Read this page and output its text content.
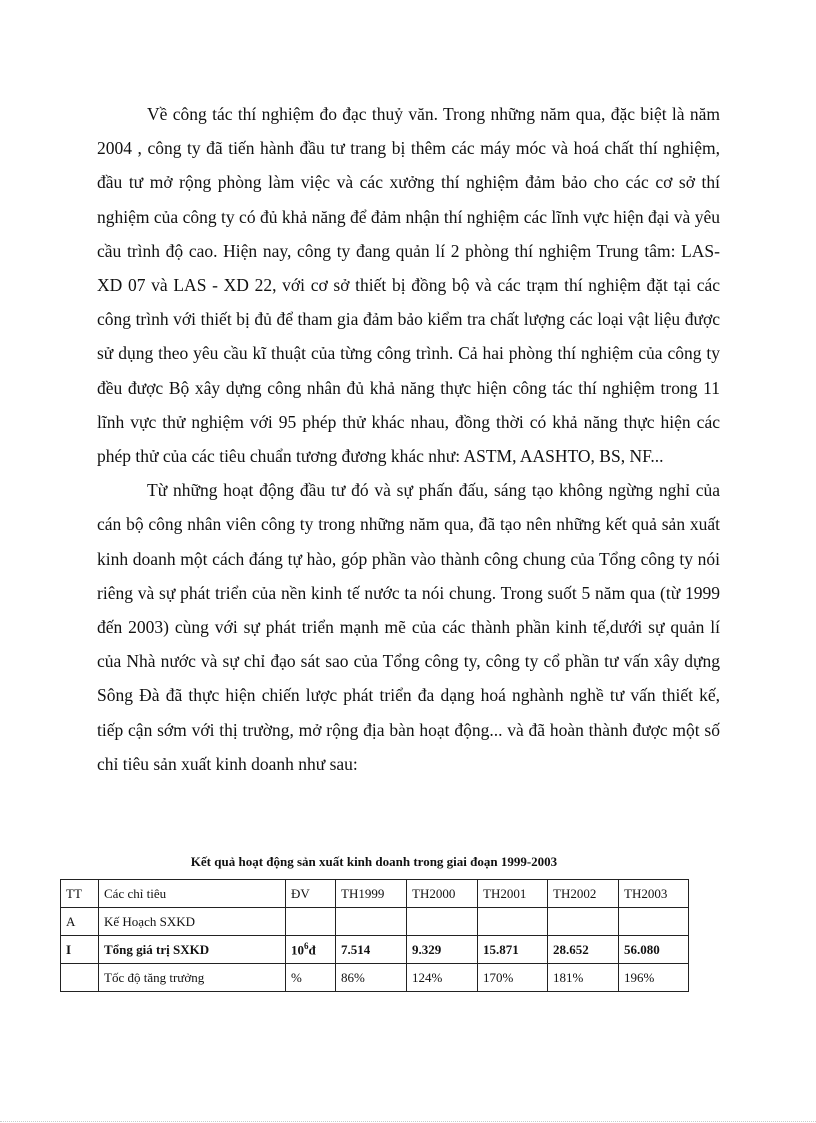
Về công tác thí nghiệm đo đạc thuỷ văn. Trong những năm qua, đặc biệt là năm 2004 , công ty đã tiến hành đầu tư trang bị thêm các máy móc và hoá chất thí nghiệm, đầu tư mở rộng phòng làm việc và các xưởng thí nghiệm đảm bảo cho các cơ sở thí nghiệm của công ty có đủ khả năng để đảm nhận thí nghiệm các lĩnh vực hiện đại và yêu cầu trình độ cao. Hiện nay, công ty đang quản lí 2 phòng thí nghiệm Trung tâm: LAS-XD 07 và LAS - XD 22, với cơ sở thiết bị đồng bộ và các trạm thí nghiệm đặt tại các công trình với thiết bị đủ để tham gia đảm bảo kiểm tra chất lượng các loại vật liệu được sử dụng theo yêu cầu kĩ thuật của từng công trình. Cả hai phòng thí nghiệm của công ty đều được Bộ xây dựng công nhân đủ khả năng thực hiện công tác thí nghiệm trong 11 lĩnh vực thử nghiệm với 95 phép thử khác nhau, đồng thời có khả năng thực hiện các phép thử của các tiêu chuẩn tương đương khác như: ASTM, AASHTO, BS, NF...

Từ những hoạt động đầu tư đó và sự phấn đấu, sáng tạo không ngừng nghỉ của cán bộ công nhân viên công ty trong những năm qua, đã tạo nên những kết quả sản xuất kinh doanh một cách đáng tự hào, góp phần vào thành công chung của Tổng công ty nói riêng và sự phát triển của nền kinh tế nước ta nói chung. Trong suốt 5 năm qua (từ 1999 đến 2003) cùng với sự phát triển mạnh mẽ của các thành phần kinh tế,dưới sự quản lí của Nhà nước và sự chỉ đạo sát sao của Tổng công ty, công ty cổ phần tư vấn xây dựng Sông Đà đã thực hiện chiến lược phát triển đa dạng hoá nghành nghề tư vấn thiết kế, tiếp cận sớm với thị trường, mở rộng địa bàn hoạt động... và đã hoàn thành được một số chỉ tiêu sản xuất kinh doanh như sau:

Kết quả hoạt động sản xuất kinh doanh trong giai đoạn 1999-2003

TT	Các chỉ tiêu	ĐV	TH1999	TH2000	TH2001	TH2002	TH2003
A	Kế Hoạch SXKD						
I	Tổng giá trị SXKD	$10^6đ$	7.514	9.329	15.871	28.652	56.080
	Tốc độ tăng trưởng	%	86%	124%	170%	181%	196%
